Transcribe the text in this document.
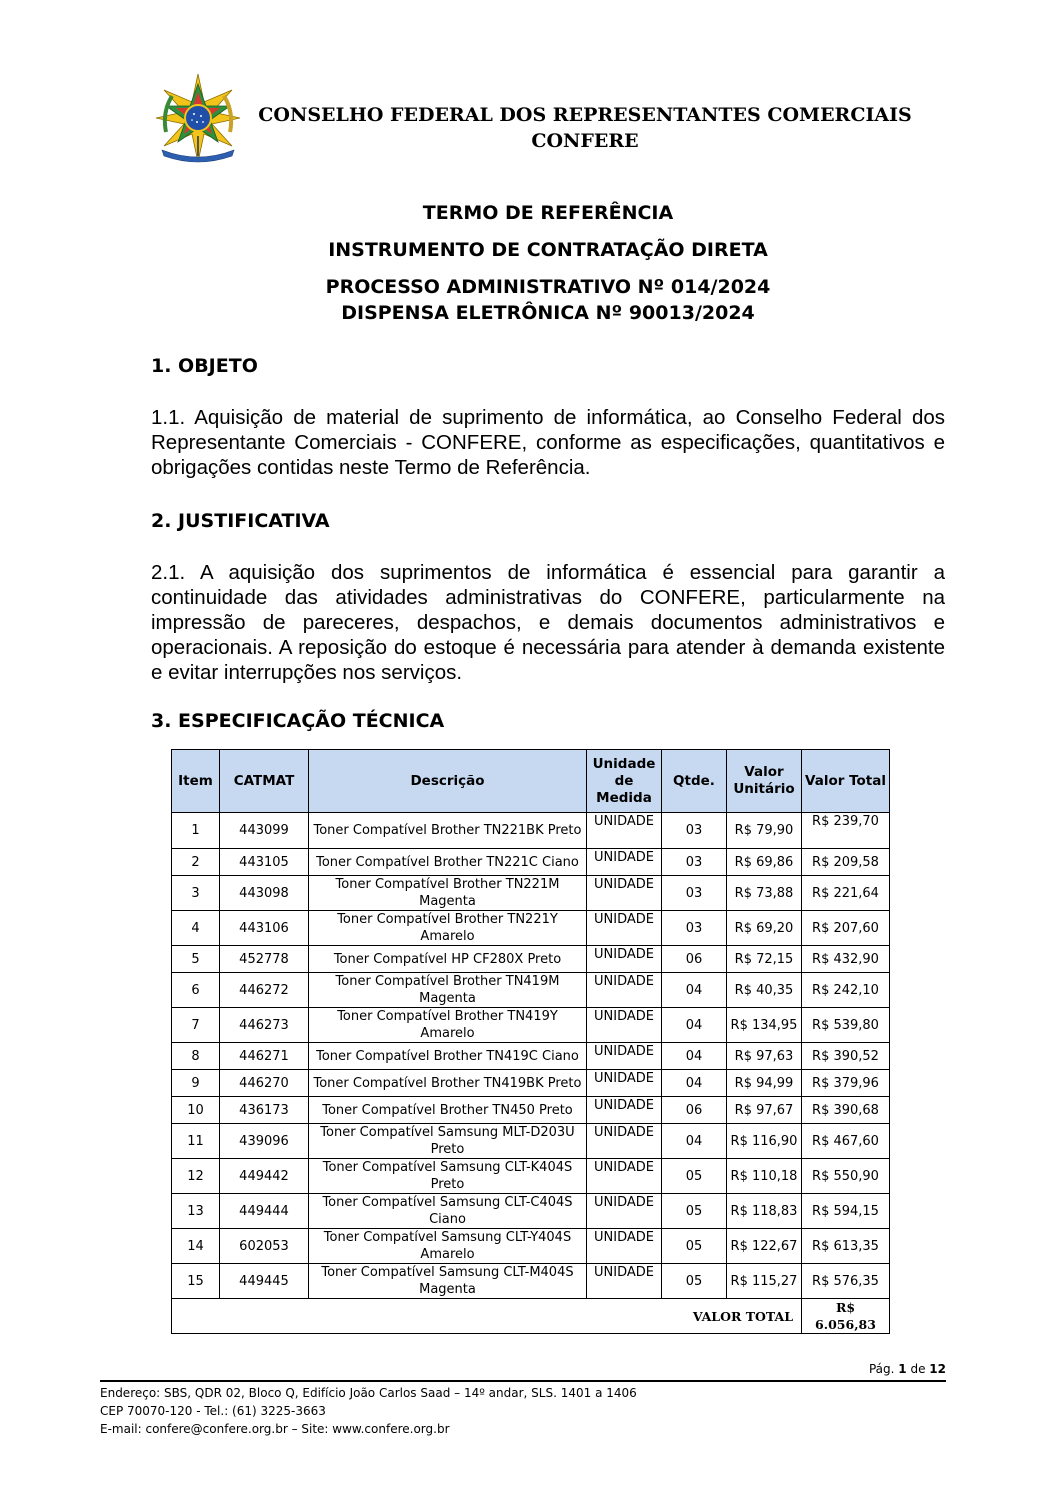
CONSELHO FEDERAL DOS REPRESENTANTES COMERCIAIS
CONFERE
TERMO DE REFERÊNCIA
INSTRUMENTO DE CONTRATAÇÃO DIRETA
PROCESSO ADMINISTRATIVO Nº 014/2024
DISPENSA ELETRÔNICA Nº 90013/2024
1. OBJETO
1.1. Aquisição de material de suprimento de informática, ao Conselho Federal dos Representante Comerciais - CONFERE, conforme as especificações, quantitativos e obrigações contidas neste Termo de Referência.
2. JUSTIFICATIVA
2.1. A aquisição dos suprimentos de informática é essencial para garantir a continuidade das atividades administrativas do CONFERE, particularmente na impressão de pareceres, despachos, e demais documentos administrativos e operacionais. A reposição do estoque é necessária para atender à demanda existente e evitar interrupções nos serviços.
3. ESPECIFICAÇÃO TÉCNICA
Item	CATMAT	Descrição	Unidade de Medida	Qtde.	Valor Unitário	Valor Total
1	443099	Toner Compatível Brother TN221BK Preto	UNIDADE	03	R$ 79,90	R$ 239,70
2	443105	Toner Compatível Brother TN221C Ciano	UNIDADE	03	R$ 69,86	R$ 209,58
3	443098	Toner Compatível Brother TN221M Magenta	UNIDADE	03	R$ 73,88	R$ 221,64
4	443106	Toner Compatível Brother TN221Y Amarelo	UNIDADE	03	R$ 69,20	R$ 207,60
5	452778	Toner Compatível HP CF280X Preto	UNIDADE	06	R$ 72,15	R$ 432,90
6	446272	Toner Compatível Brother TN419M Magenta	UNIDADE	04	R$ 40,35	R$ 242,10
7	446273	Toner Compatível Brother TN419Y Amarelo	UNIDADE	04	R$ 134,95	R$ 539,80
8	446271	Toner Compatível Brother TN419C Ciano	UNIDADE	04	R$ 97,63	R$ 390,52
9	446270	Toner Compatível Brother TN419BK Preto	UNIDADE	04	R$ 94,99	R$ 379,96
10	436173	Toner Compatível Brother TN450 Preto	UNIDADE	06	R$ 97,67	R$ 390,68
11	439096	Toner Compatível Samsung MLT-D203U Preto	UNIDADE	04	R$ 116,90	R$ 467,60
12	449442	Toner Compatível Samsung CLT-K404S Preto	UNIDADE	05	R$ 110,18	R$ 550,90
13	449444	Toner Compatível Samsung CLT-C404S Ciano	UNIDADE	05	R$ 118,83	R$ 594,15
14	602053	Toner Compatível Samsung CLT-Y404S Amarelo	UNIDADE	05	R$ 122,67	R$ 613,35
15	449445	Toner Compatível Samsung CLT-M404S Magenta	UNIDADE	05	R$ 115,27	R$ 576,35
VALOR TOTAL						R$ 6.056,83
Pág. 1 de 12
Endereço: SBS, QDR 02, Bloco Q, Edifício João Carlos Saad – 14º andar, SLS. 1401 a 1406
CEP 70070-120 - Tel.: (61) 3225-3663
E-mail: confere@confere.org.br – Site: www.confere.org.br
